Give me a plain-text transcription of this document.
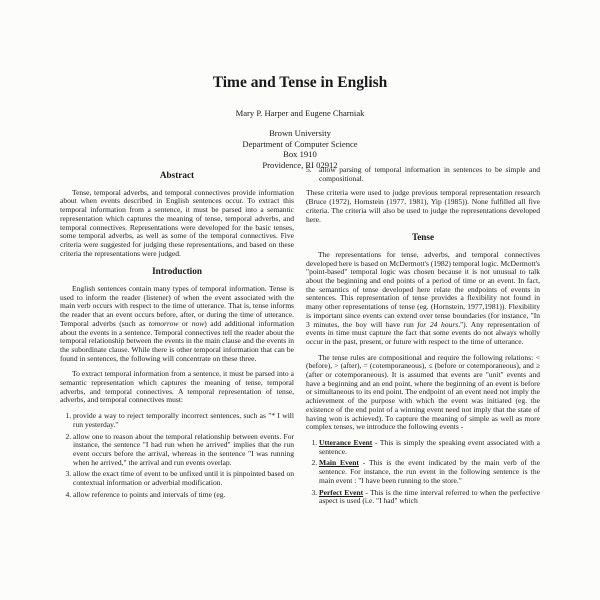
Time and Tense in English
Mary P. Harper and Eugene Charniak
Brown University
Department of Computer Science
Box 1910
Providence, RI 02912
Abstract

Tense, temporal adverbs, and temporal connectives provide information about when events described in English sentences occur. To extract this temporal information from a sentence, it must be parsed into a semantic representation which captures the meaning of tense, temporal adverbs, and temporal connectives. Representations were developed for the basic tenses, some temporal adverbs, as well as some of the temporal connectives. Five criteria were suggested for judging these representations, and based on these criteria the representations were judged.

Introduction

English sentences contain many types of temporal information. Tense is used to inform the reader (listener) of when the event associated with the main verb occurs with respect to the time of utterance. That is, tense informs the reader that an event occurs before, after, or during the time of utterance. Temporal adverbs (such as tomorrow or now) add additional information about the events in a sentence. Temporal connectives tell the reader about the temporal relationship between the events in the main clause and the events in the subordinate clause. While there is other temporal information that can be found in sentences, the following will concentrate on these three.

To extract temporal information from a sentence, it must be parsed into a semantic representation which captures the meaning of tense, temporal adverbs, and temporal connectives. A temporal representation of tense, adverbs, and temporal connectives must:

1. provide a way to reject temporally incorrect sentences, such as "* I will run yesterday."
2. allow one to reason about the temporal relationship between events. For instance, the sentence "I had run when he arrived" implies that the run event occurs before the arrival, whereas in the sentence "I was running when he arrived," the arrival and run events overlap.
3. allow the exact time of event to be unfixed until it is pinpointed based on contextual information or adverbial modification.
4. allow reference to points and intervals of time (eg.
5. allow parsing of temporal information in sentences to be simple and compositional.

These criteria were used to judge previous temporal representation research (Bruce (1972), Hornstein (1977, 1981), Yip (1985)). None fulfilled all five criteria. The criteria will also be used to judge the representations developed here.

Tense

The representations for tense, adverbs, and temporal connectives developed here is based on McDermott's (1982) temporal logic. McDermott's "point-based" temporal logic was chosen because it is not unusual to talk about the beginning and end points of a period of time or an event. In fact, the semantics of tense developed here relate the endpoints of events in sentences. This representation of tense provides a flexibility not found in many other representations of tense (eg. (Hornstein, 1977,1981)). Flexibility is important since events can extend over tense boundaries (for instance, "In 3 minutes, the boy will have run for 24 hours."). Any representation of events in time must capture the fact that some events do not always wholly occur in the past, present, or future with respect to the time of utterance.

The tense rules are compositional and require the following relations: < (before), > (after), = (cotemporaneous), ≤ (before or cotemporaneous), and ≥ (after or cotemporaneous). It is assumed that events are "unit" events and have a beginning and an end point, where the beginning of an event is before or simultaneous to its end point. The endpoint of an event need not imply the achievement of the purpose with which the event was initiated (eg. the existence of the end point of a winning event need not imply that the state of having won is achieved). To capture the meaning of simple as well as more complex tenses, we introduce the following events -

1. Utterance Event - This is simply the speaking event associated with a sentence.
2. Main Event - This is the event indicated by the main verb of the sentence. For instance, the run event in the following sentence is the main event : "I have been running to the store."
3. Perfect Event - This is the time interval referred to when the perfective aspect is used (i.e. "I had" which
